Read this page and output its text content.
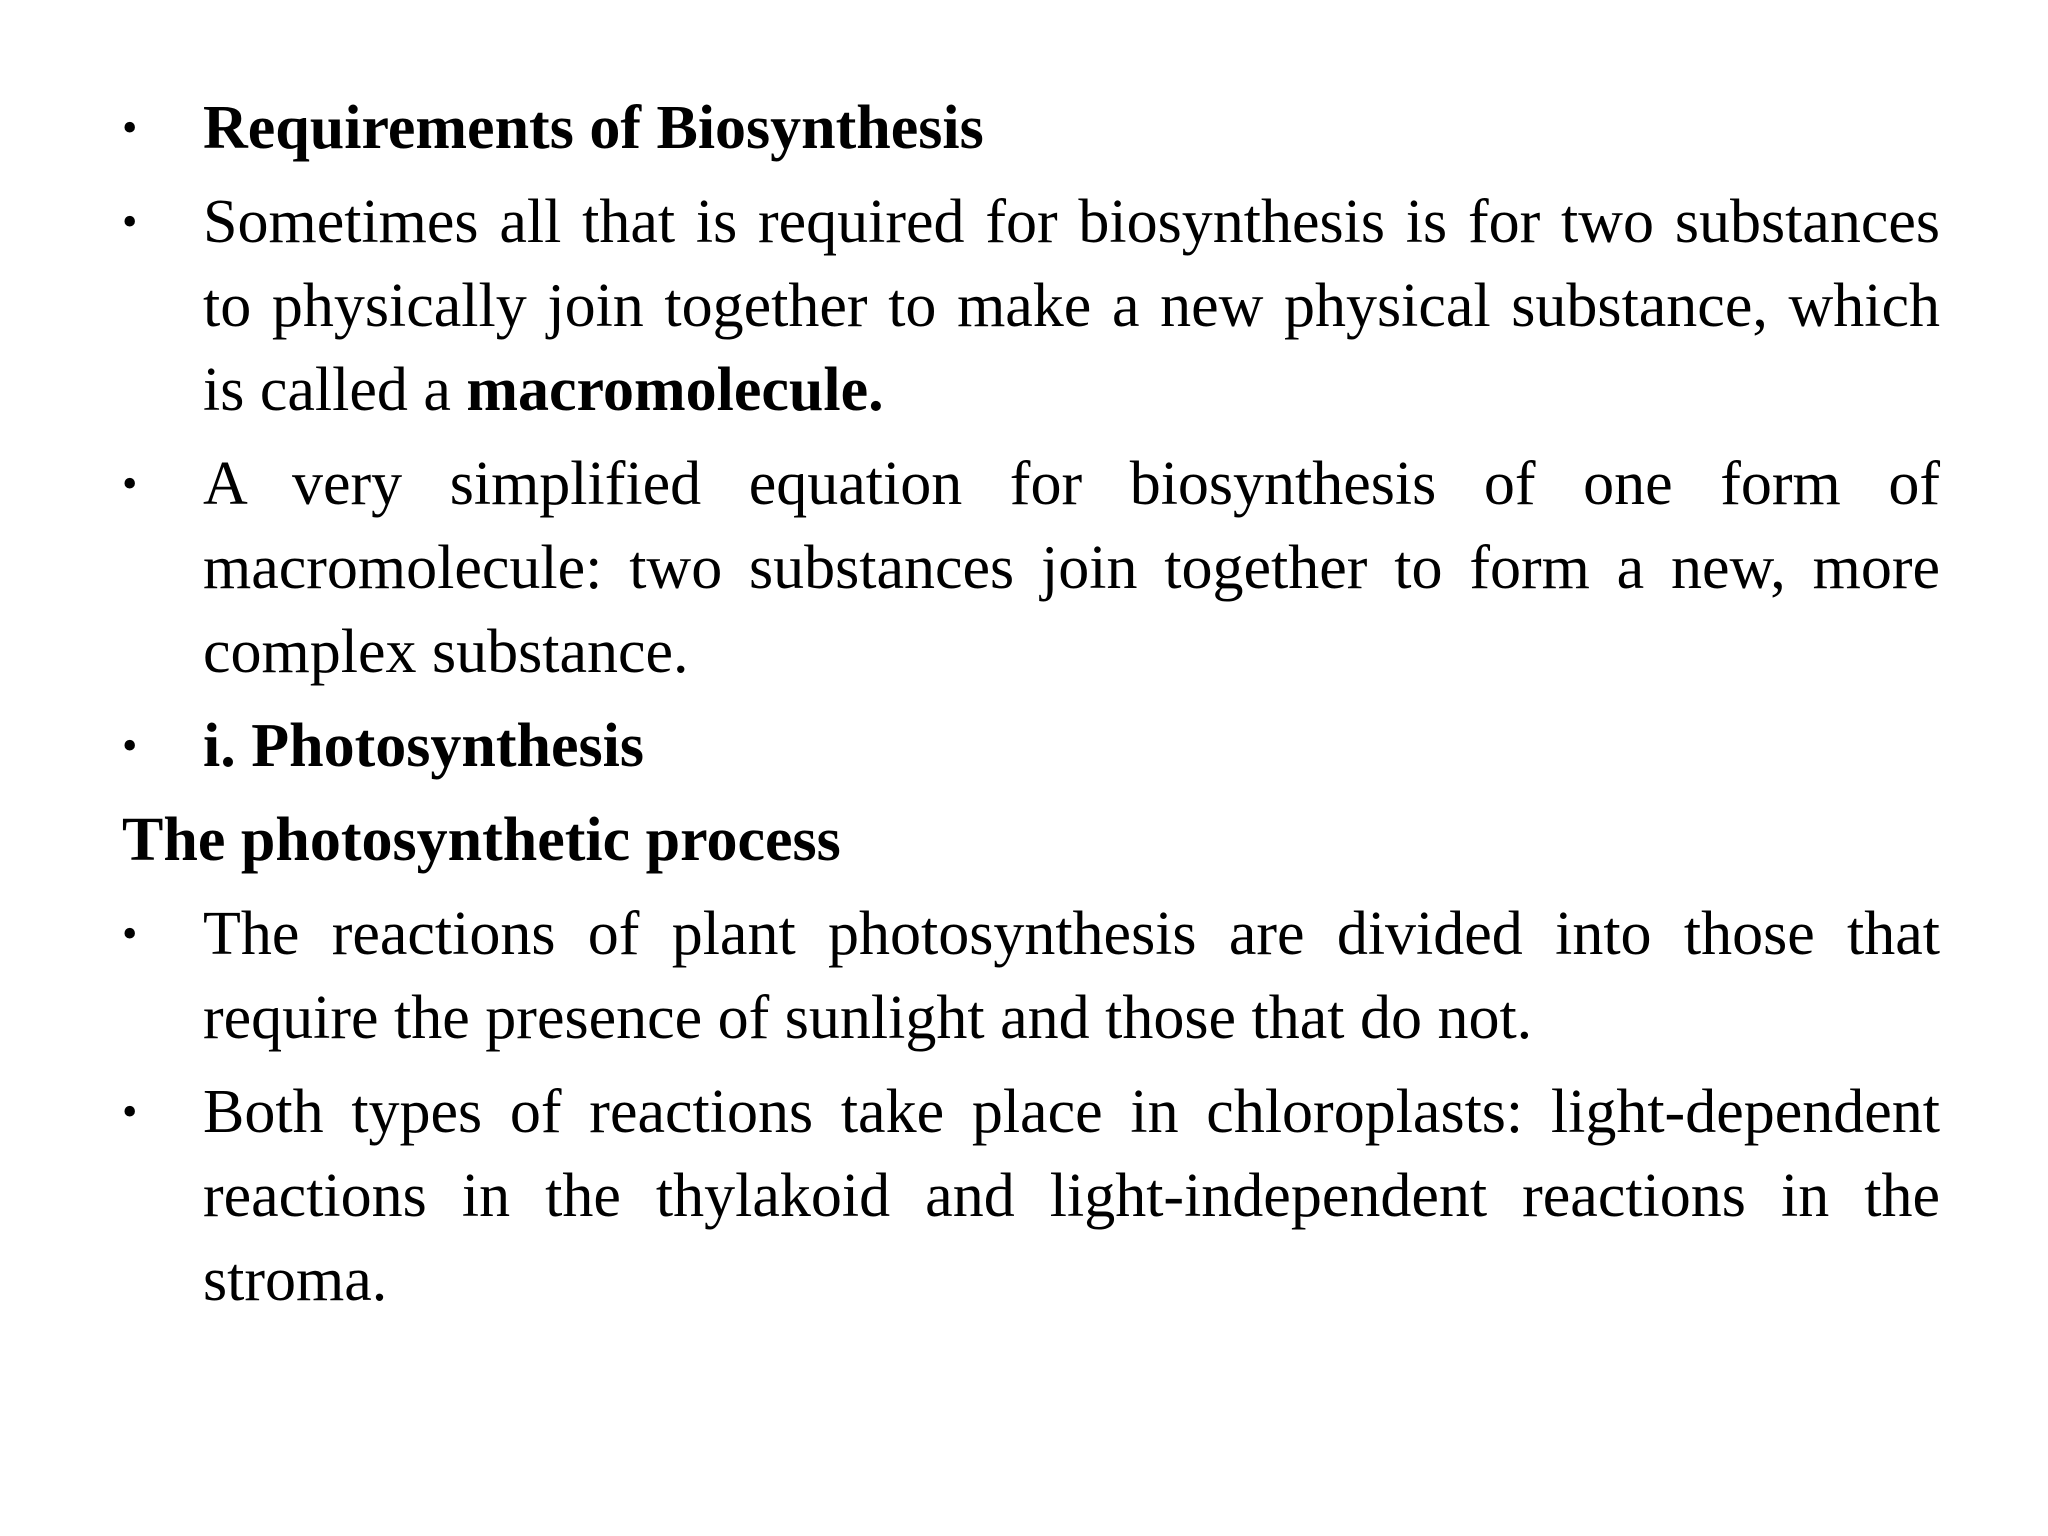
•	Requirements of Biosynthesis
•	Sometimes all that is required for biosynthesis is for two substances to physically join together to make a new physical substance, which is called a macromolecule.
•	A very simplified equation for biosynthesis of one form of macromolecule: two substances join together to form a new, more complex substance.
•	i. Photosynthesis
The photosynthetic process
•	The reactions of plant photosynthesis are divided into those that require the presence of sunlight and those that do not.
•	Both types of reactions take place in chloroplasts: light-dependent reactions in the thylakoid and light-independent reactions in the stroma.
